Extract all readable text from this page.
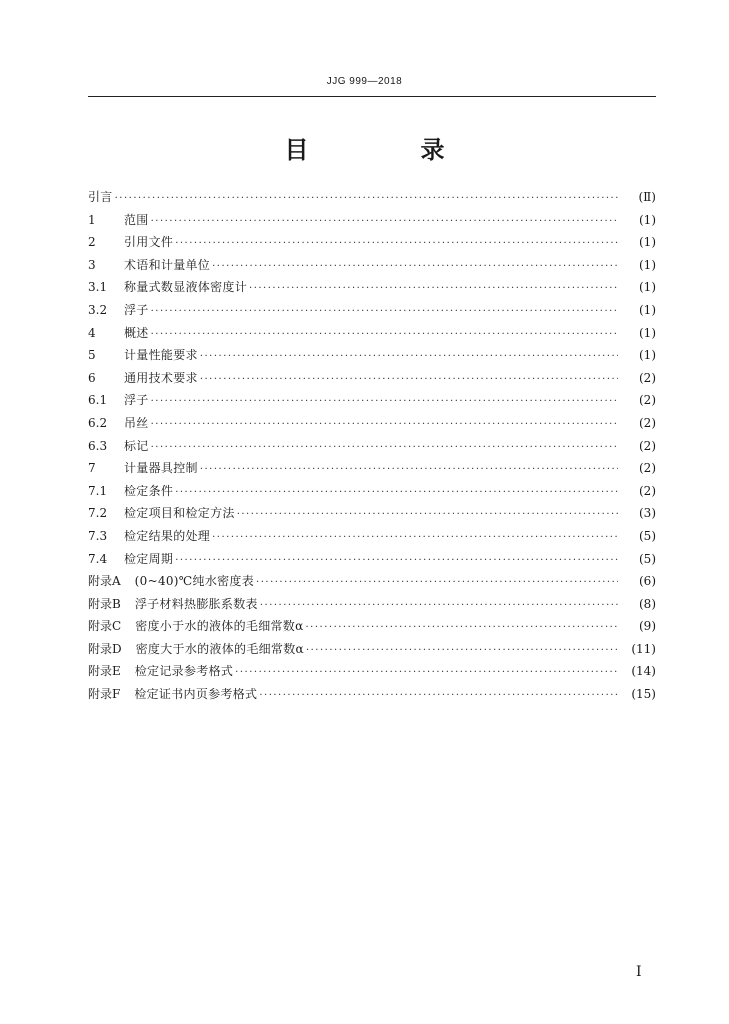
JJG 999—2018
目　录
引言 ·····	(Ⅱ)
1	范围 ·····	(1)
2	引用文件 ·····	(1)
3	术语和计量单位 ·····	(1)
3.1	称量式数显液体密度计 ·····	(1)
3.2	浮子 ·····	(1)
4	概述 ·····	(1)
5	计量性能要求 ·····	(1)
6	通用技术要求 ·····	(2)
6.1	浮子 ·····	(2)
6.2	吊丝 ·····	(2)
6.3	标记 ·····	(2)
7	计量器具控制 ·····	(2)
7.1	检定条件 ·····	(2)
7.2	检定项目和检定方法 ·····	(3)
7.3	检定结果的处理 ·····	(5)
7.4	检定周期 ·····	(5)
附录A (0~40)℃纯水密度表 ·····	(6)
附录B 浮子材料热膨胀系数表 ·····	(8)
附录C 密度小于水的液体的毛细常数α ·····	(9)
附录D 密度大于水的液体的毛细常数α ·····	(11)
附录E 检定记录参考格式 ·····	(14)
附录F 检定证书内页参考格式 ·····	(15)
I
